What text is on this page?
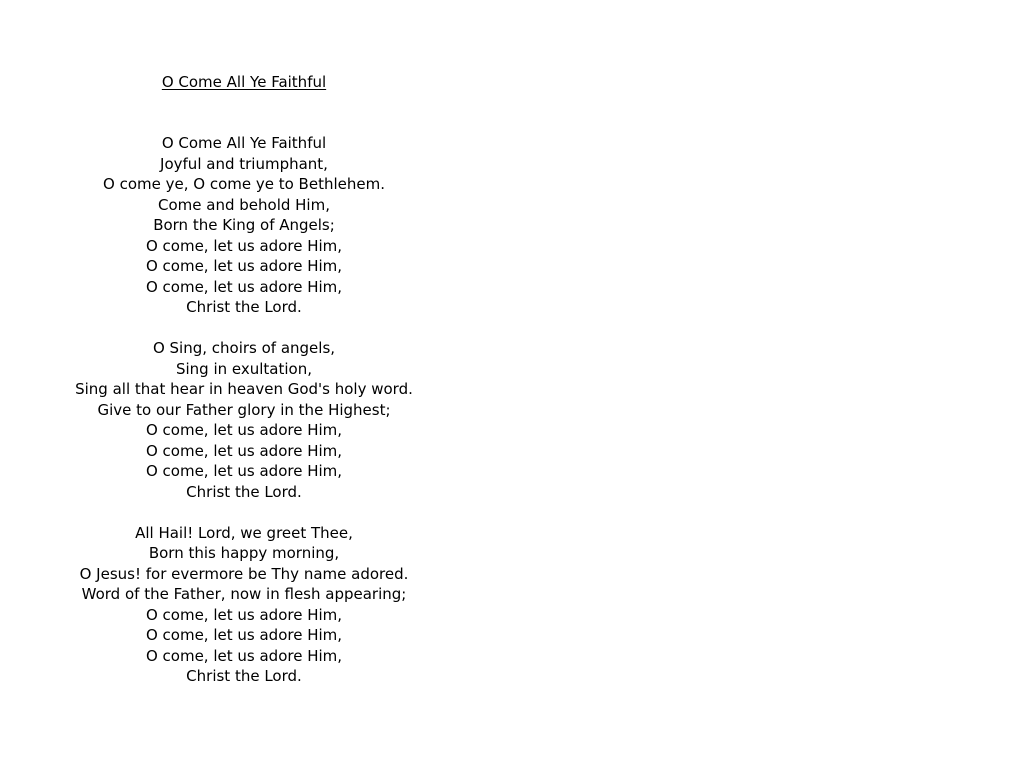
O Come All Ye Faithful
O Come All Ye Faithful
Joyful and triumphant,
O come ye, O come ye to Bethlehem.
Come and behold Him,
Born the King of Angels;
O come, let us adore Him,
O come, let us adore Him,
O come, let us adore Him,
Christ the Lord.
O Sing, choirs of angels,
Sing in exultation,
Sing all that hear in heaven God's holy word.
Give to our Father glory in the Highest;
O come, let us adore Him,
O come, let us adore Him,
O come, let us adore Him,
Christ the Lord.
All Hail! Lord, we greet Thee,
Born this happy morning,
O Jesus! for evermore be Thy name adored.
Word of the Father, now in flesh appearing;
O come, let us adore Him,
O come, let us adore Him,
O come, let us adore Him,
Christ the Lord.
